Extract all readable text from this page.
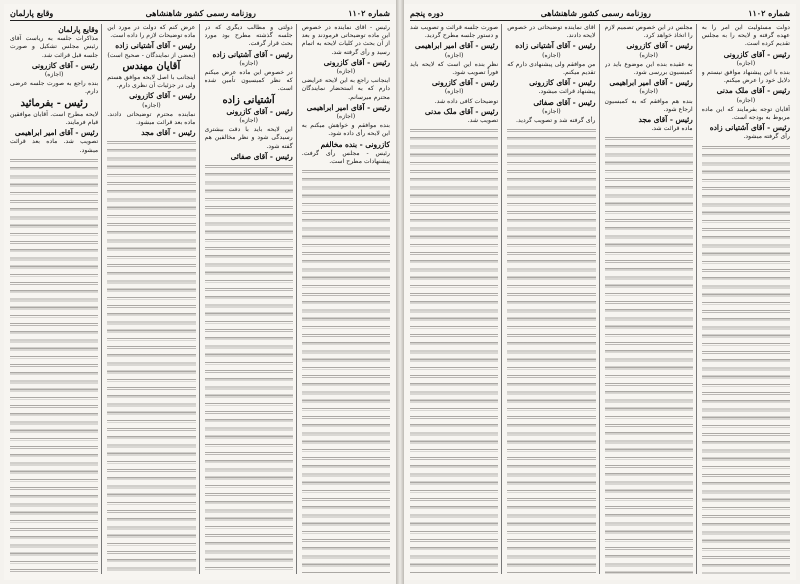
شماره ۱۱۰۲
روزنامه رسمی کشور شاهنشاهی
وقایع پارلمان
رئیس - آقای نماینده در خصوص این ماده توضیحاتی فرمودند و بعد از آن بحث در کلیات لایحه به اتمام رسید و رأی گرفته شد.
رئیس - آقای کازرونی
(اجازه)
اینجانب راجع به این لایحه عرایضی دارم که به استحضار نمایندگان محترم میرسانم.
رئیس - آقای امیر ابراهیمی
(اجازه)
بنده موافقم و خواهش میکنم به این لایحه رأی داده شود.
کازرونی - بنده مخالفم
رئیس - مجلس رأی گرفت. پیشنهادات مطرح است.
دولتی و مطالب دیگری که در جلسه گذشته مطرح بود مورد بحث قرار گرفت.
رئیس - آقای آشتیانی زاده
(اجازه)
در خصوص این ماده عرض میکنم که نظر کمیسیون تأمین شده است.
آشتیانی زاده
رئیس - آقای کازرونی
(اجازه)
این لایحه باید با دقت بیشتری رسیدگی شود و نظر مخالفین هم گفته شود.
رئیس - آقای صفائی
عرض کنم که دولت در مورد این ماده توضیحات لازم را داده است.
رئیس - آقای آشتیانی زاده
(بعضی از نمایندگان - صحیح است)
آقایان مهندس
اینجانب با اصل لایحه موافق هستم ولی در جزئیات آن نظری دارم.
رئیس - آقای کازرونی
(اجازه)
نماینده محترم توضیحاتی دادند. ماده بعد قرائت میشود.
رئیس - آقای مجد
وقایع پارلمان
مذاکرات جلسه به ریاست آقای رئیس مجلس تشکیل و صورت جلسه قبل قرائت شد.
رئیس - آقای کازرونی
(اجازه)
بنده راجع به صورت جلسه عرضی دارم.
رئیس - بفرمائید
لایحه مطرح است. آقایان موافقین قیام فرمایند.
رئیس - آقای امیر ابراهیمی
تصویب شد. ماده بعد قرائت میشود.
شماره ۱۱۰۲
روزنامه رسمی کشور شاهنشاهی
دوره پنجم
دولت مسئولیت این امر را به عهده گرفته و لایحه را به مجلس تقدیم کرده است.
رئیس - آقای کازرونی
(اجازه)
بنده با این پیشنهاد موافق نیستم و دلایل خود را عرض میکنم.
رئیس - آقای ملک مدنی
(اجازه)
آقایان توجه بفرمایند که این ماده مربوط به بودجه است.
رئیس - آقای آشتیانی زاده
رأی گرفته میشود.
مجلس در این خصوص تصمیم لازم را اتخاذ خواهد کرد.
رئیس - آقای کازرونی
(اجازه)
به عقیده بنده این موضوع باید در کمیسیون بررسی شود.
رئیس - آقای امیر ابراهیمی
(اجازه)
بنده هم موافقم که به کمیسیون ارجاع شود.
رئیس - آقای مجد
ماده قرائت شد.
آقای نماینده توضیحاتی در خصوص لایحه دادند.
رئیس - آقای آشتیانی زاده
(اجازه)
من موافقم ولی پیشنهادی دارم که تقدیم میکنم.
رئیس - آقای کازرونی
پیشنهاد قرائت میشود.
رئیس - آقای صفائی
(اجازه)
رأی گرفته شد و تصویب گردید.
صورت جلسه قرائت و تصویب شد و دستور جلسه مطرح گردید.
رئیس - آقای امیر ابراهیمی
(اجازه)
نظر بنده این است که لایحه باید فوراً تصویب شود.
رئیس - آقای کازرونی
(اجازه)
توضیحات کافی داده شد.
رئیس - آقای ملک مدنی
تصویب شد.
